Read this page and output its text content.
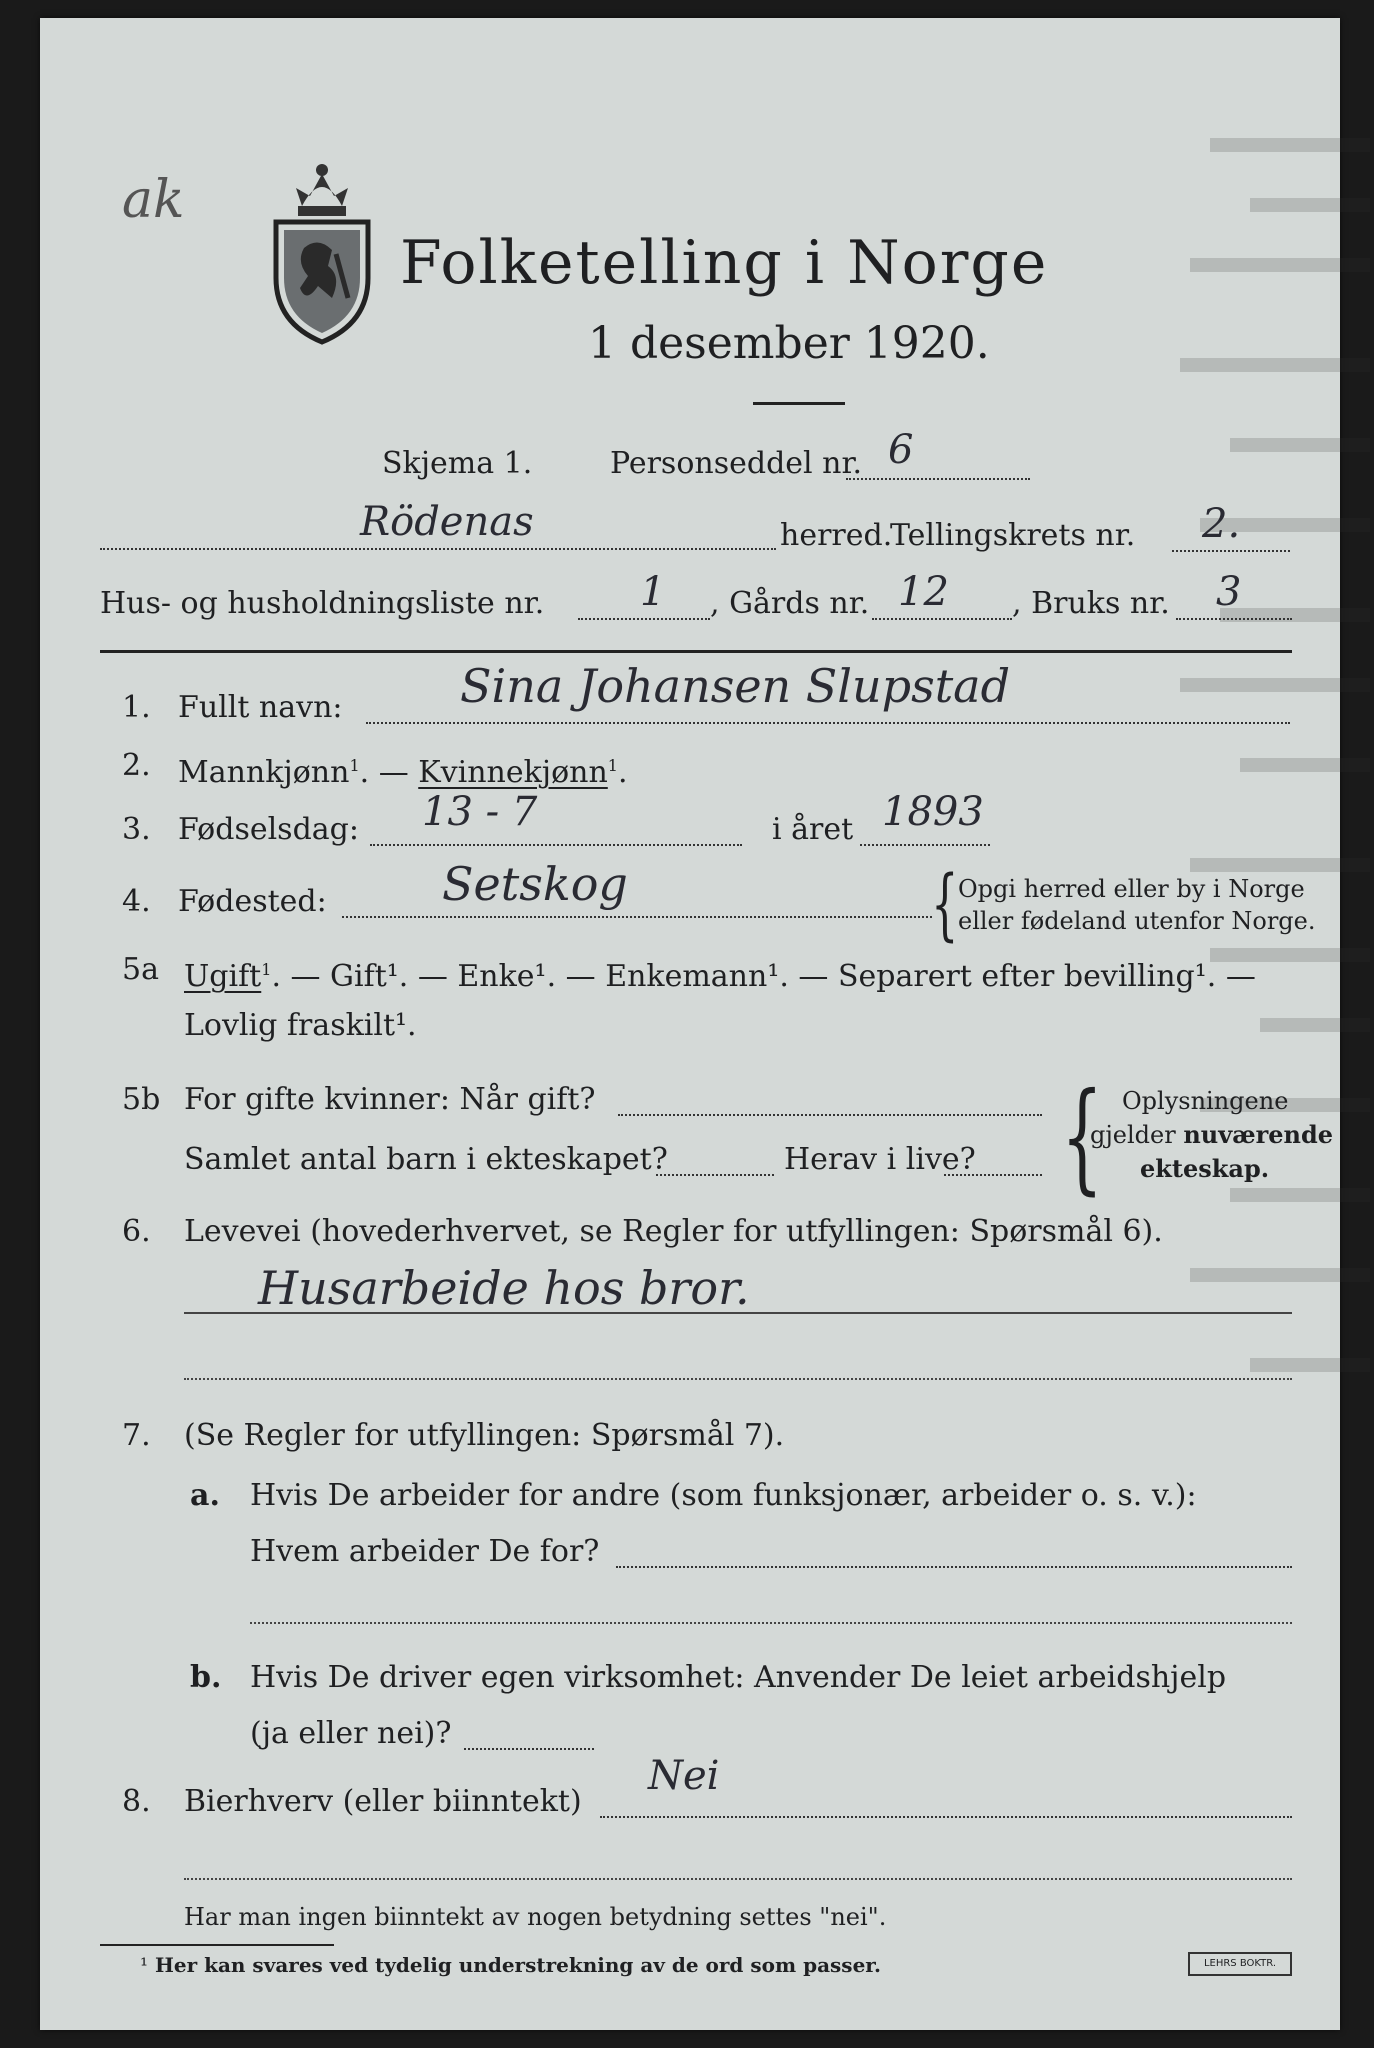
ak
Folketelling i Norge
1 desember 1920.
Skjema 1.	Personseddel nr. 6
Rödenas	herred.
Tellingskrets nr. 2.
Hus- og husholdningsliste nr. 1 , Gårds nr. 12 , Bruks nr. 3
1. Fullt navn:	Sina Johansen Slupstad
2. Mannkjønn$^1$. — Kvinnekjønn$^1$.
3. Fødselsdag: 13 - 7	i året 1893
4. Fødested:	Setskog	{ Opgi herred eller by i Norge
eller fødeland utenfor Norge.
5a Ugift$^1$. — Gift¹. — Enke¹. — Enkemann¹. — Separert efter bevilling¹. —
Lovlig fraskilt¹.
5b For gifte kvinner: Når gift?
Samlet antal barn i ekteskapet?	Herav i live? { Oplysningene
gjelder nuværende
ekteskap.
6. Levevei (hovederhvervet, se Regler for utfyllingen: Spørsmål 6).
Husarbeide hos bror.
7. (Se Regler for utfyllingen: Spørsmål 7).
a. Hvis De arbeider for andre (som funksjonær, arbeider o. s. v.):
Hvem arbeider De for?
b. Hvis De driver egen virksomhet: Anvender De leiet arbeidshjelp
(ja eller nei)?
8. Bierhverv (eller biinntekt)
Nei
Har man ingen biinntekt av nogen betydning settes "nei".
¹ Her kan svares ved tydelig understrekning av de ord som passer.	LEHRS BOKTR.
